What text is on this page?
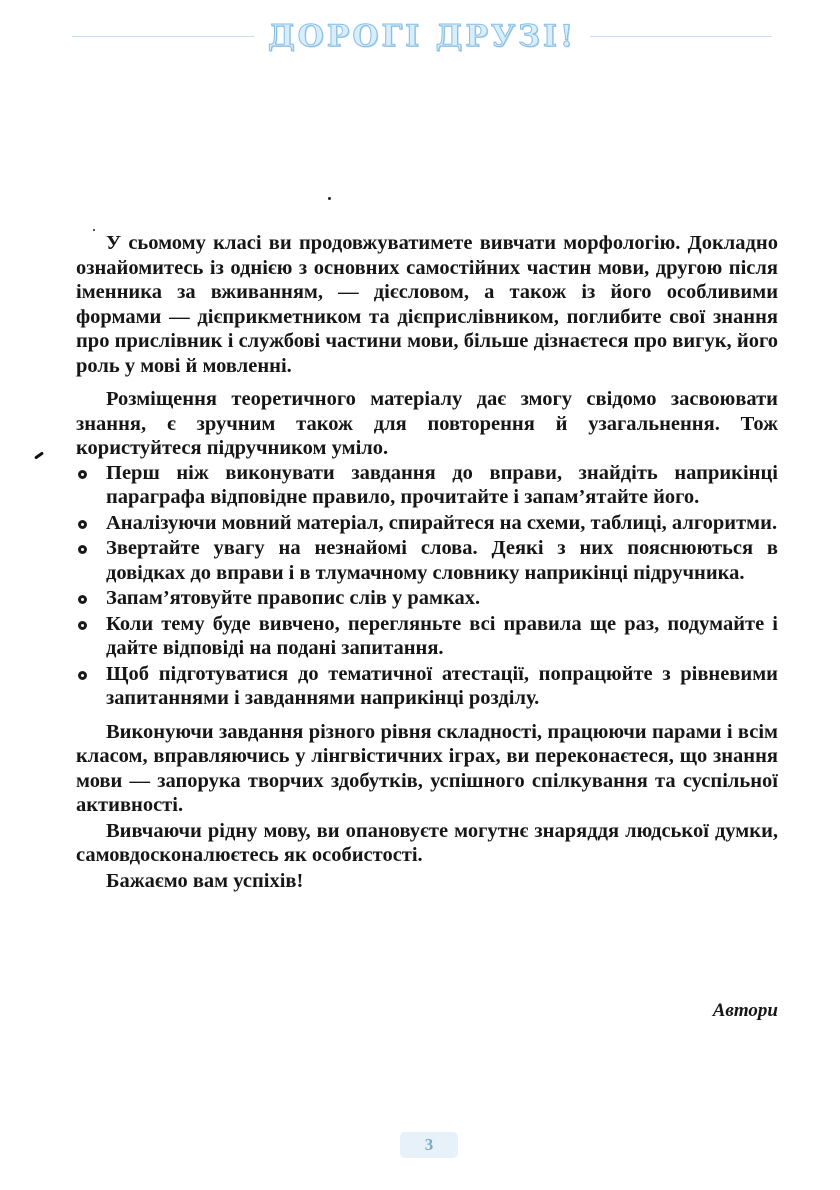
ДОРОГІ ДРУЗІ!

У сьомому класі ви продовжуватимете вивчати морфологію. Докладно ознайомитесь із однією з основних самостійних частин мови, другою після іменника за вживанням, — дієсловом, а також із його особливими формами — дієприкметником та дієприслівником, поглибите свої знання про прислівник і службові частини мови, більше дізнаєтеся про вигук, його роль у мові й мовленні.

Розміщення теоретичного матеріалу дає змогу свідомо засвоювати знання, є зручним також для повторення й узагальнення. Тож користуйтеся підручником уміло.

Перш ніж виконувати завдання до вправи, знайдіть наприкінці параграфа відповідне правило, прочитайте і запам’ятайте його.
Аналізуючи мовний матеріал, спирайтеся на схеми, таблиці, алгоритми.
Звертайте увагу на незнайомі слова. Деякі з них пояснюються в довідках до вправи і в тлумачному словнику наприкінці підручника.
Запам’ятовуйте правопис слів у рамках.
Коли тему буде вивчено, перегляньте всі правила ще раз, подумайте і дайте відповіді на подані запитання.
Щоб підготуватися до тематичної атестації, попрацюйте з рівневими запитаннями і завданнями наприкінці розділу.

Виконуючи завдання різного рівня складності, працюючи парами і всім класом, вправляючись у лінгвістичних іграх, ви переконаєтеся, що знання мови — запорука творчих здобутків, успішного спілкування та суспільної активності.

Вивчаючи рідну мову, ви опановуєте могутнє знаряддя людської думки, самовдосконалюєтесь як особистості.

Бажаємо вам успіхів!

Автори
3
